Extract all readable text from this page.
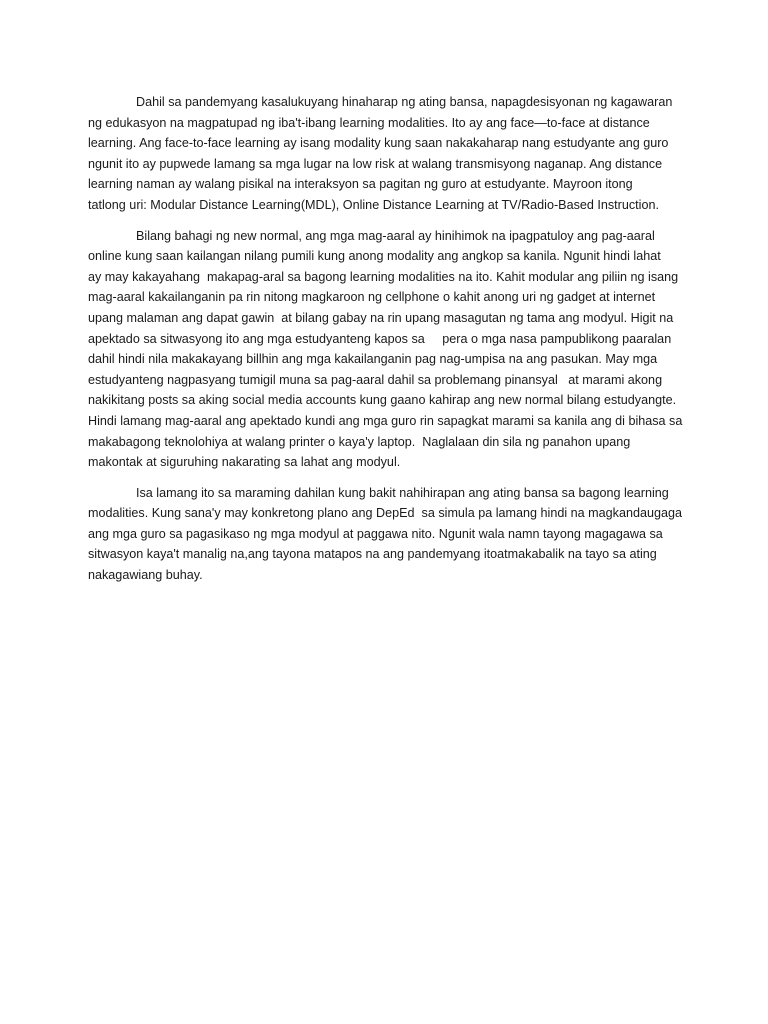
Dahil sa pandemyang kasalukuyang hinaharap ng ating bansa, napagdesisyonan ng kagawaran
ng edukasyon na magpatupad ng iba't-ibang learning modalities. Ito ay ang face—to-face at distance
learning. Ang face-to-face learning ay isang modality kung saan nakakaharap nang estudyante ang guro
ngunit ito ay pupwede lamang sa mga lugar na low risk at walang transmisyong naganap. Ang distance
learning naman ay walang pisikal na interaksyon sa pagitan ng guro at estudyante. Mayroon itong
tatlong uri: Modular Distance Learning(MDL), Online Distance Learning at TV/Radio-Based Instruction.
Bilang bahagi ng new normal, ang mga mag-aaral ay hinihimok na ipagpatuloy ang pag-aaral
online kung saan kailangan nilang pumili kung anong modality ang angkop sa kanila. Ngunit hindi lahat
ay may kakayahang  makapag-aral sa bagong learning modalities na ito. Kahit modular ang piliin ng isang
mag-aaral kakailanganin pa rin nitong magkaroon ng cellphone o kahit anong uri ng gadget at internet
upang malaman ang dapat gawin  at bilang gabay na rin upang masagutan ng tama ang modyul. Higit na
apektado sa sitwasyong ito ang mga estudyanteng kapos sa     pera o mga nasa pampublikong paaralan
dahil hindi nila makakayang billhin ang mga kakailanganin pag nag-umpisa na ang pasukan. May mga
estudyanteng nagpasyang tumigil muna sa pag-aaral dahil sa problemang pinansyal   at marami akong
nakikitang posts sa aking social media accounts kung gaano kahirap ang new normal bilang estudyangte.
Hindi lamang mag-aaral ang apektado kundi ang mga guro rin sapagkat marami sa kanila ang di bihasa sa
makabagong teknolohiya at walang printer o kaya'y laptop.  Naglalaan din sila ng panahon upang
makontak at siguruhing nakarating sa lahat ang modyul.
Isa lamang ito sa maraming dahilan kung bakit nahihirapan ang ating bansa sa bagong learning
modalities. Kung sana'y may konkretong plano ang DepEd  sa simula pa lamang hindi na magkandaugaga
ang mga guro sa pagasikaso ng mga modyul at paggawa nito. Ngunit wala namn tayong magagawa sa
sitwasyon kaya't manalig na,ang tayona matapos na ang pandemyang itoatmakabalik na tayo sa ating
nakagawiang buhay.
